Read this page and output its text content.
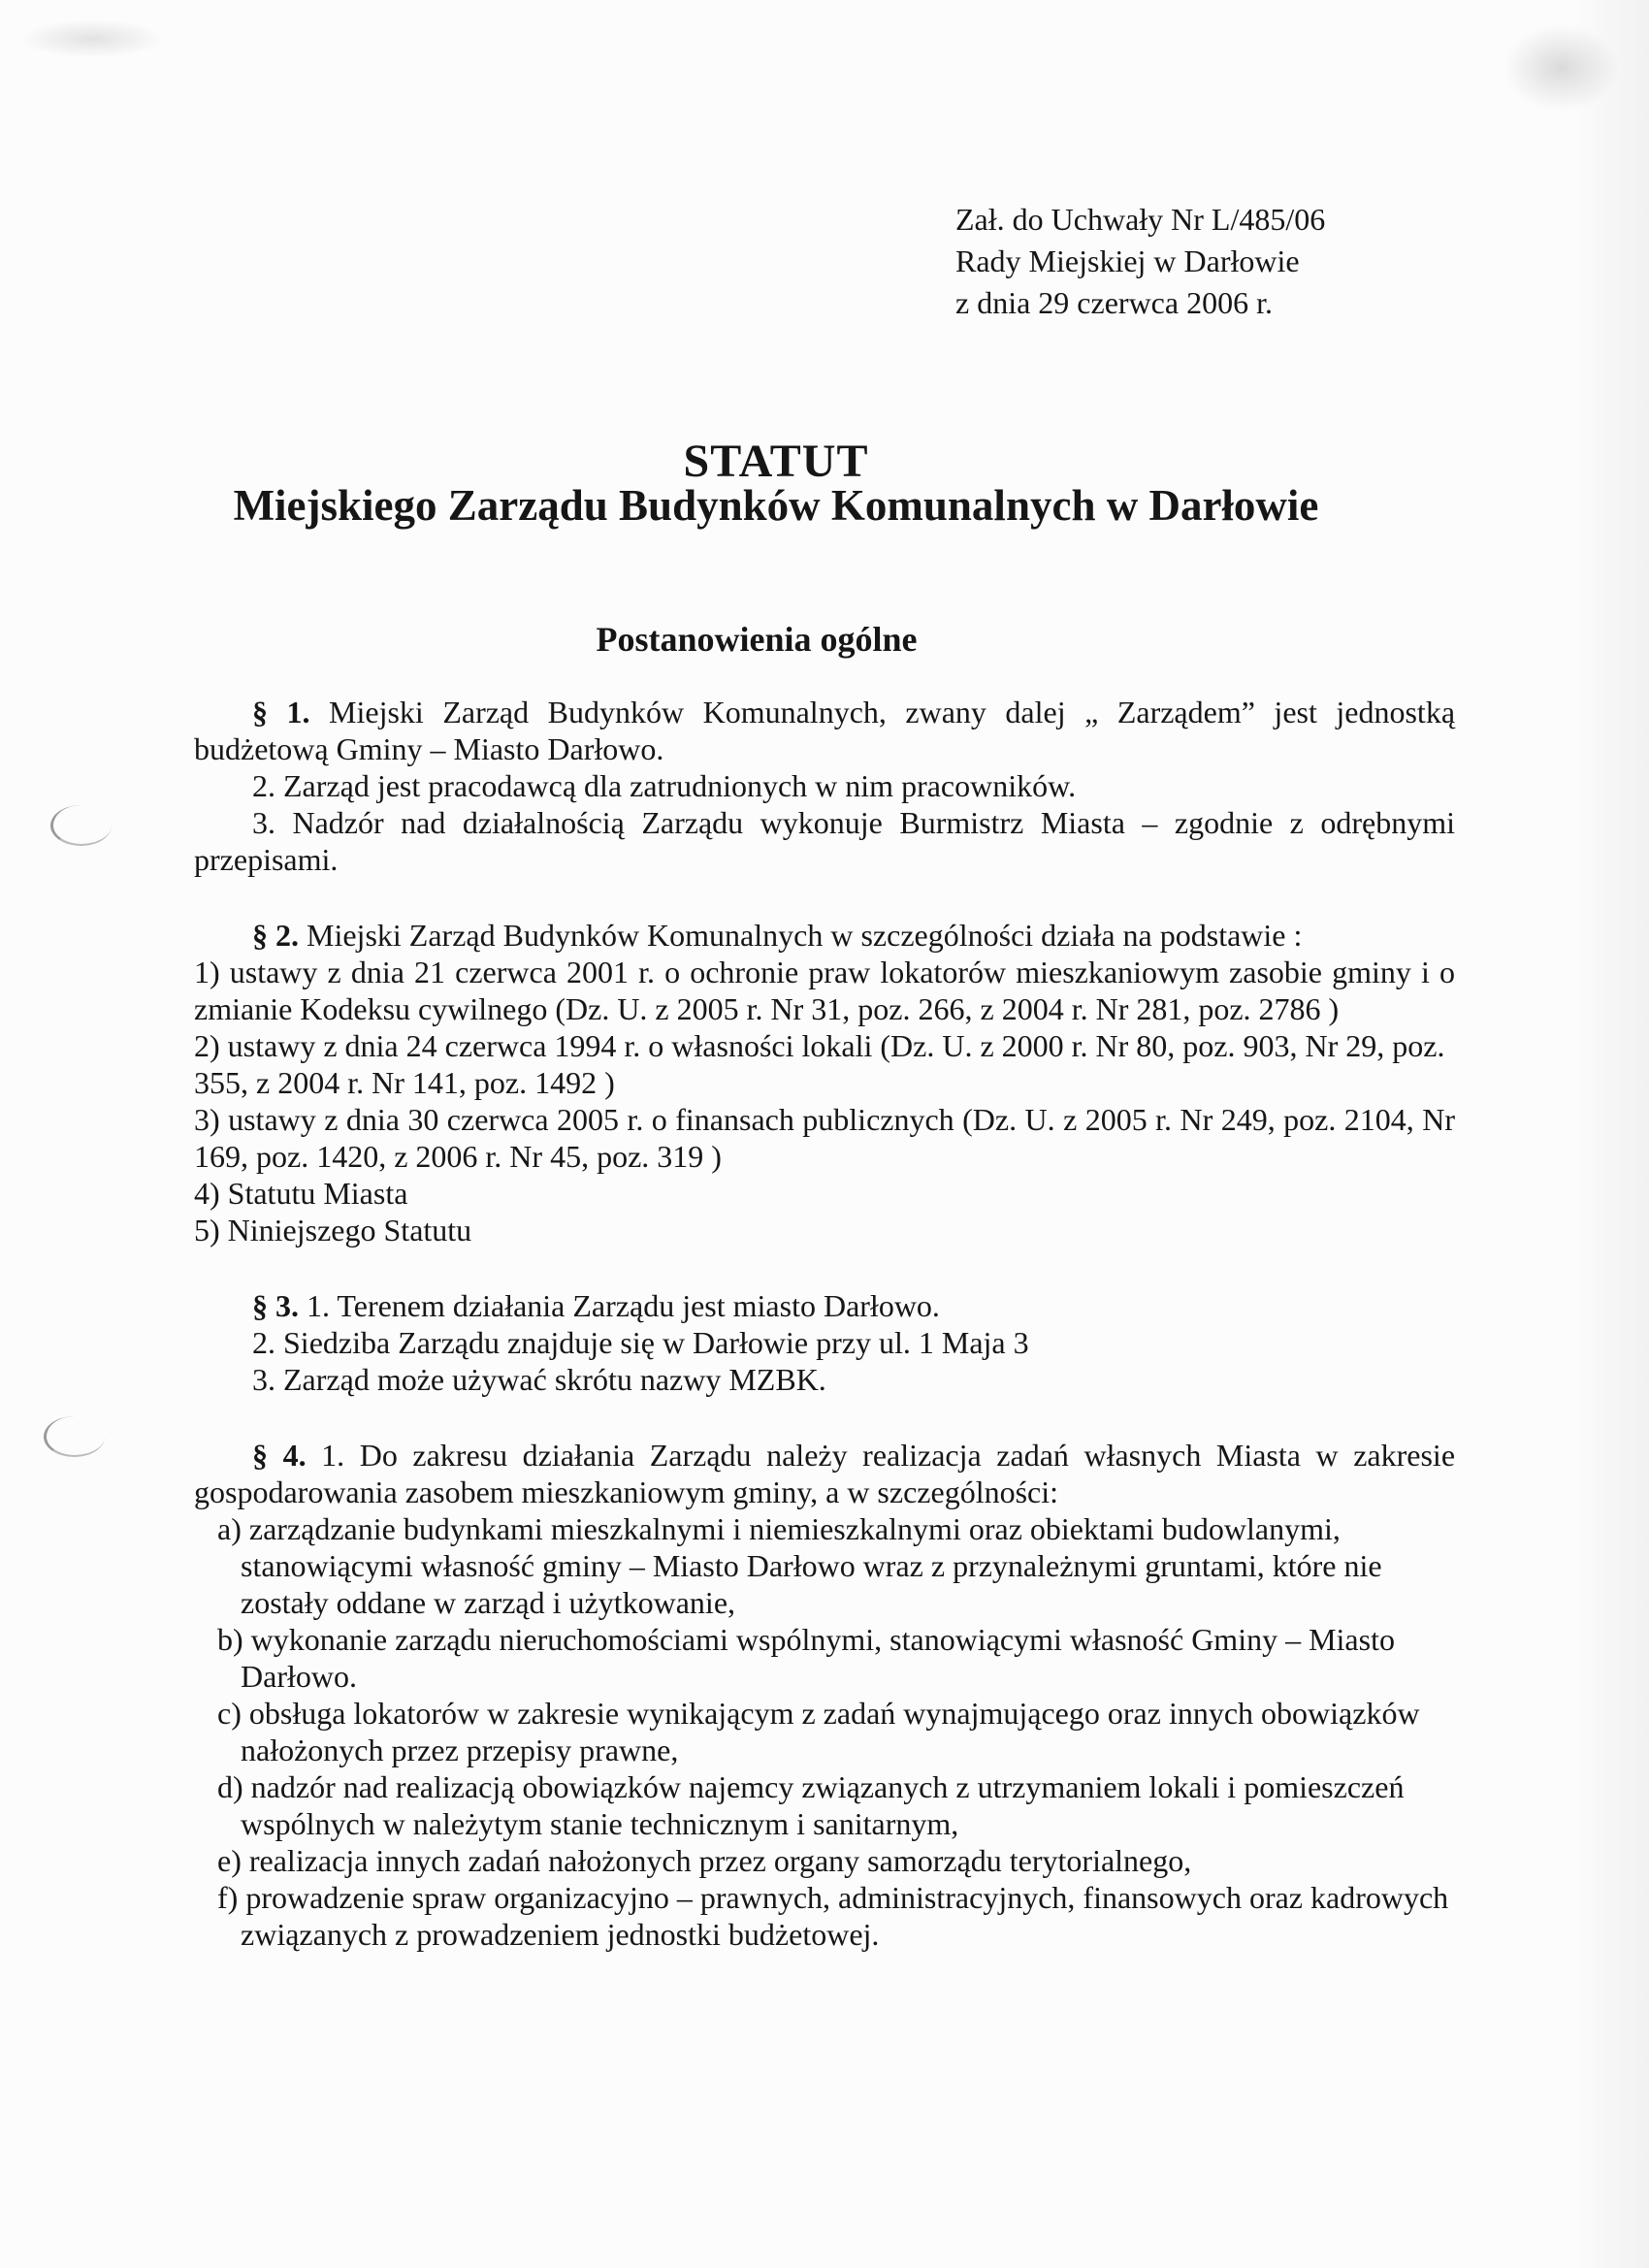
Zał. do Uchwały Nr L/485/06
Rady Miejskiej w Darłowie
z dnia 29 czerwca 2006 r.
STATUT
Miejskiego Zarządu Budynków Komunalnych w Darłowie
Postanowienia ogólne

§ 1. Miejski Zarząd Budynków Komunalnych, zwany dalej „ Zarządem” jest jednostką budżetową Gminy – Miasto Darłowo.

2. Zarząd jest pracodawcą dla zatrudnionych w nim pracowników.

3. Nadzór nad działalnością Zarządu wykonuje Burmistrz Miasta – zgodnie z odrębnymi przepisami.

§ 2. Miejski Zarząd Budynków Komunalnych w szczególności działa na podstawie :

1) ustawy z dnia 21 czerwca 2001 r. o ochronie praw lokatorów mieszkaniowym zasobie gminy i o zmianie Kodeksu cywilnego (Dz. U. z 2005 r. Nr 31, poz. 266, z 2004 r. Nr 281, poz. 2786 )

2) ustawy z dnia 24 czerwca 1994 r. o własności lokali (Dz. U. z 2000 r. Nr 80, poz. 903, Nr 29, poz. 355, z 2004 r. Nr 141, poz. 1492 )

3) ustawy z dnia 30 czerwca 2005 r. o finansach publicznych (Dz. U. z 2005 r. Nr 249, poz. 2104, Nr 169, poz. 1420, z 2006 r. Nr 45, poz. 319 )

4) Statutu Miasta

5) Niniejszego Statutu

§ 3. 1. Terenem działania Zarządu jest miasto Darłowo.

2. Siedziba Zarządu znajduje się w Darłowie przy ul. 1 Maja 3

3. Zarząd może używać skrótu nazwy MZBK.

§ 4. 1. Do zakresu działania Zarządu należy realizacja zadań własnych Miasta w zakresie gospodarowania zasobem mieszkaniowym gminy, a w szczególności:

a) zarządzanie budynkami mieszkalnymi i niemieszkalnymi oraz obiektami budowlanymi, stanowiącymi własność gminy – Miasto Darłowo wraz z przynależnymi gruntami, które nie zostały oddane w zarząd i użytkowanie,

b) wykonanie zarządu nieruchomościami wspólnymi, stanowiącymi własność Gminy – Miasto Darłowo.

c) obsługa lokatorów w zakresie wynikającym z zadań wynajmującego oraz innych obowiązków nałożonych przez przepisy prawne,

d) nadzór nad realizacją obowiązków najemcy związanych z utrzymaniem lokali i pomieszczeń wspólnych w należytym stanie technicznym i sanitarnym,

e) realizacja innych zadań nałożonych przez organy samorządu terytorialnego,

f) prowadzenie spraw organizacyjno – prawnych, administracyjnych, finansowych oraz kadrowych związanych z prowadzeniem jednostki budżetowej.
